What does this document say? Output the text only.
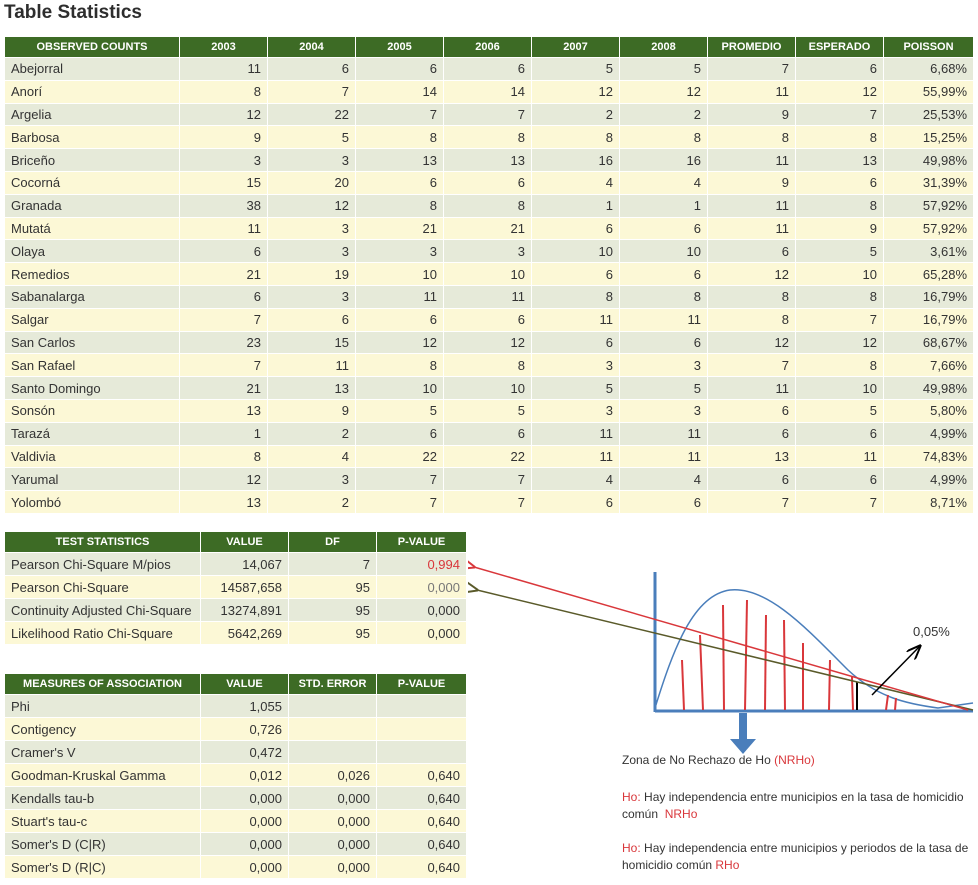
Table Statistics
OBSERVED COUNTS	2003	2004	2005	2006	2007	2008	PROMEDIO	ESPERADO	POISSON
Abejorral	11	6	6	6	5	5	7	6	6,68%
Anorí	8	7	14	14	12	12	11	12	55,99%
Argelia	12	22	7	7	2	2	9	7	25,53%
Barbosa	9	5	8	8	8	8	8	8	15,25%
Briceño	3	3	13	13	16	16	11	13	49,98%
Cocorná	15	20	6	6	4	4	9	6	31,39%
Granada	38	12	8	8	1	1	11	8	57,92%
Mutatá	11	3	21	21	6	6	11	9	57,92%
Olaya	6	3	3	3	10	10	6	5	3,61%
Remedios	21	19	10	10	6	6	12	10	65,28%
Sabanalarga	6	3	11	11	8	8	8	8	16,79%
Salgar	7	6	6	6	11	11	8	7	16,79%
San Carlos	23	15	12	12	6	6	12	12	68,67%
San Rafael	7	11	8	8	3	3	7	8	7,66%
Santo Domingo	21	13	10	10	5	5	11	10	49,98%
Sonsón	13	9	5	5	3	3	6	5	5,80%
Tarazá	1	2	6	6	11	11	6	6	4,99%
Valdivia	8	4	22	22	11	11	13	11	74,83%
Yarumal	12	3	7	7	4	4	6	6	4,99%
Yolombó	13	2	7	7	6	6	7	7	8,71%
TEST STATISTICS	VALUE	DF	P-VALUE
Pearson Chi-Square M/pios	14,067	7	0,994
Pearson Chi-Square	14587,658	95	0,000
Continuity Adjusted Chi-Square	13274,891	95	0,000
Likelihood Ratio Chi-Square	5642,269	95	0,000
MEASURES OF ASSOCIATION	VALUE	STD. ERROR	P-VALUE
Phi	1,055		
Contigency	0,726		
Cramer's V	0,472		
Goodman-Kruskal Gamma	0,012	0,026	0,640
Kendalls tau-b	0,000	0,000	0,640
Stuart's tau-c	0,000	0,000	0,640
Somer's D (C|R)	0,000	0,000	0,640
Somer's D (R|C)	0,000	0,000	0,640
0,05%
Zona de No Rechazo de Ho (NRHo)
Ho: Hay independencia entre municipios en la tasa de homicidio común NRHo
Ho: Hay independencia entre municipios y periodos de la tasa de homicidio común RHo
